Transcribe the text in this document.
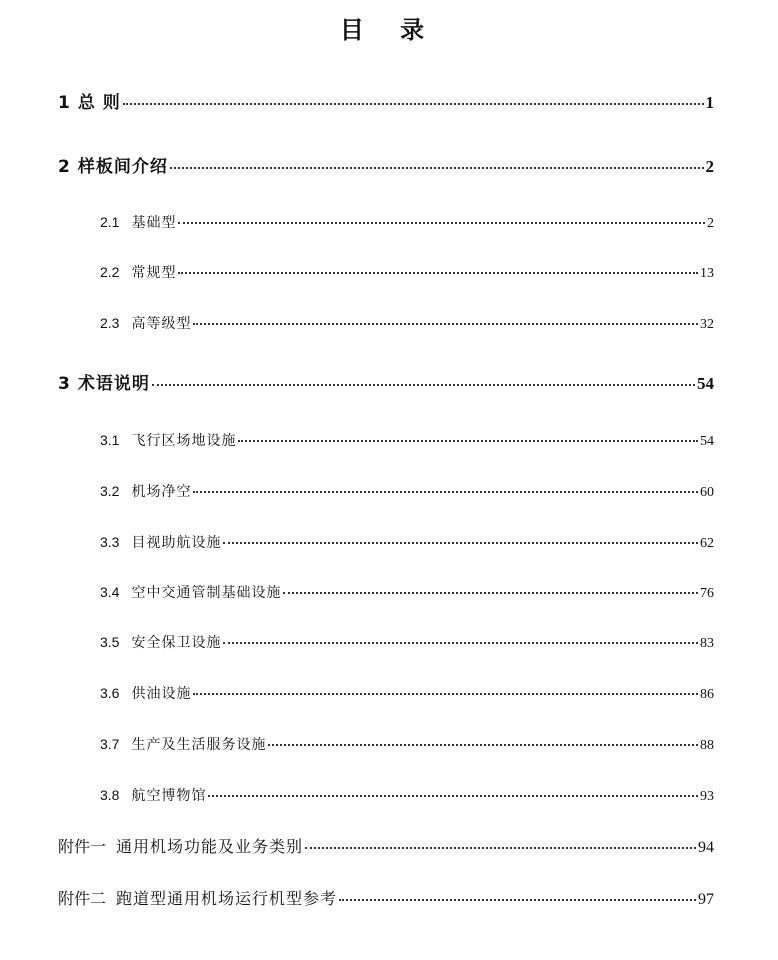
目 录
1 总 则	1
2 样板间介绍	2
2.1 基础型	2
2.2 常规型	13
2.3 高等级型	32
3 术语说明	54
3.1 飞行区场地设施	54
3.2 机场净空	60
3.3 目视助航设施	62
3.4 空中交通管制基础设施	76
3.5 安全保卫设施	83
3.6 供油设施	86
3.7 生产及生活服务设施	88
3.8 航空博物馆	93
附件一 通用机场功能及业务类别	94
附件二 跑道型通用机场运行机型参考	97
